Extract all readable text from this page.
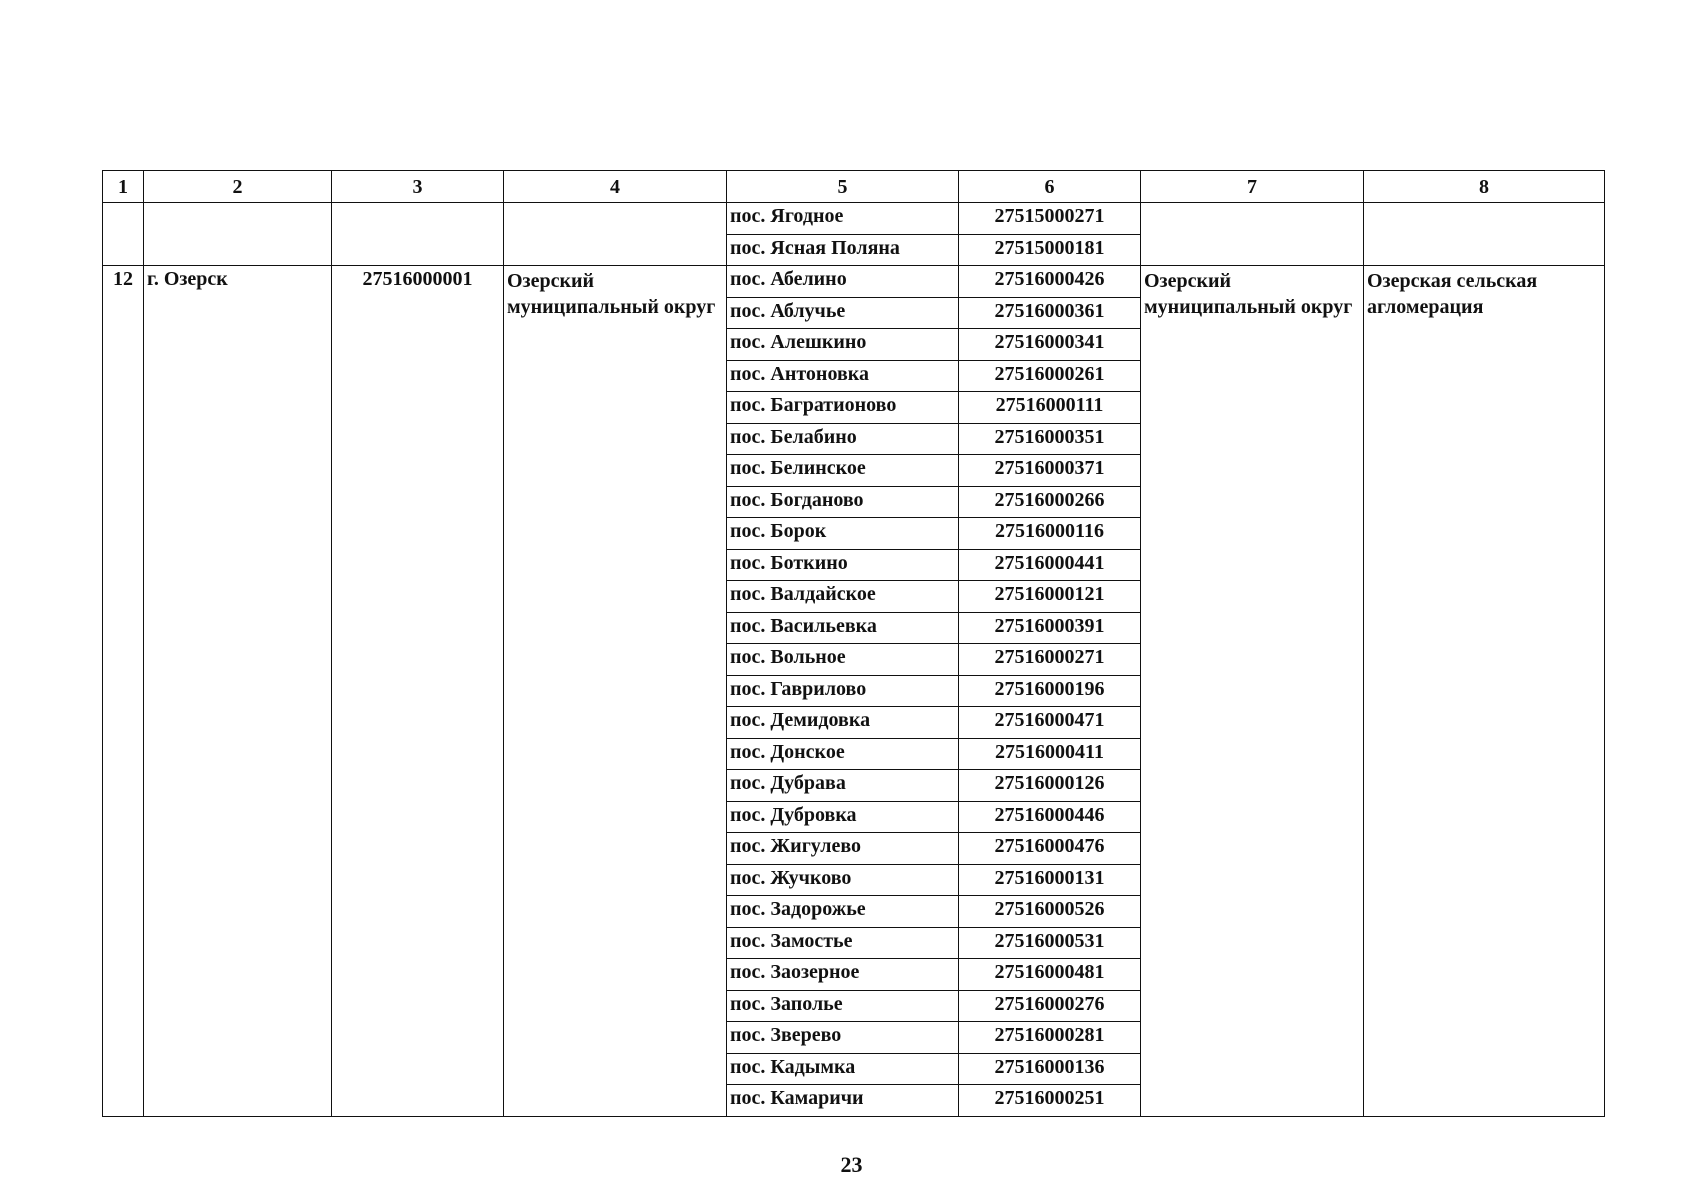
1	2	3	4	5	6	7	8
				пос. Ягодное	27515000271		
				пос. Ясная Поляна	27515000181		
12	г. Озерск	27516000001	Озерский муниципальный округ	пос. Абелино	27516000426	Озерский муниципальный округ	Озерская сельская агломерация
				пос. Аблучье	27516000361		
				пос. Алешкино	27516000341		
				пос. Антоновка	27516000261		
				пос. Багратионово	27516000111		
				пос. Белабино	27516000351		
				пос. Белинское	27516000371		
				пос. Богданово	27516000266		
				пос. Борок	27516000116		
				пос. Боткино	27516000441		
				пос. Валдайское	27516000121		
				пос. Васильевка	27516000391		
				пос. Вольное	27516000271		
				пос. Гаврилово	27516000196		
				пос. Демидовка	27516000471		
				пос. Донское	27516000411		
				пос. Дубрава	27516000126		
				пос. Дубровка	27516000446		
				пос. Жигулево	27516000476		
				пос. Жучково	27516000131		
				пос. Задорожье	27516000526		
				пос. Замостье	27516000531		
				пос. Заозерное	27516000481		
				пос. Заполье	27516000276		
				пос. Зверево	27516000281		
				пос. Кадымка	27516000136		
				пос. Камаричи	27516000251		
23
